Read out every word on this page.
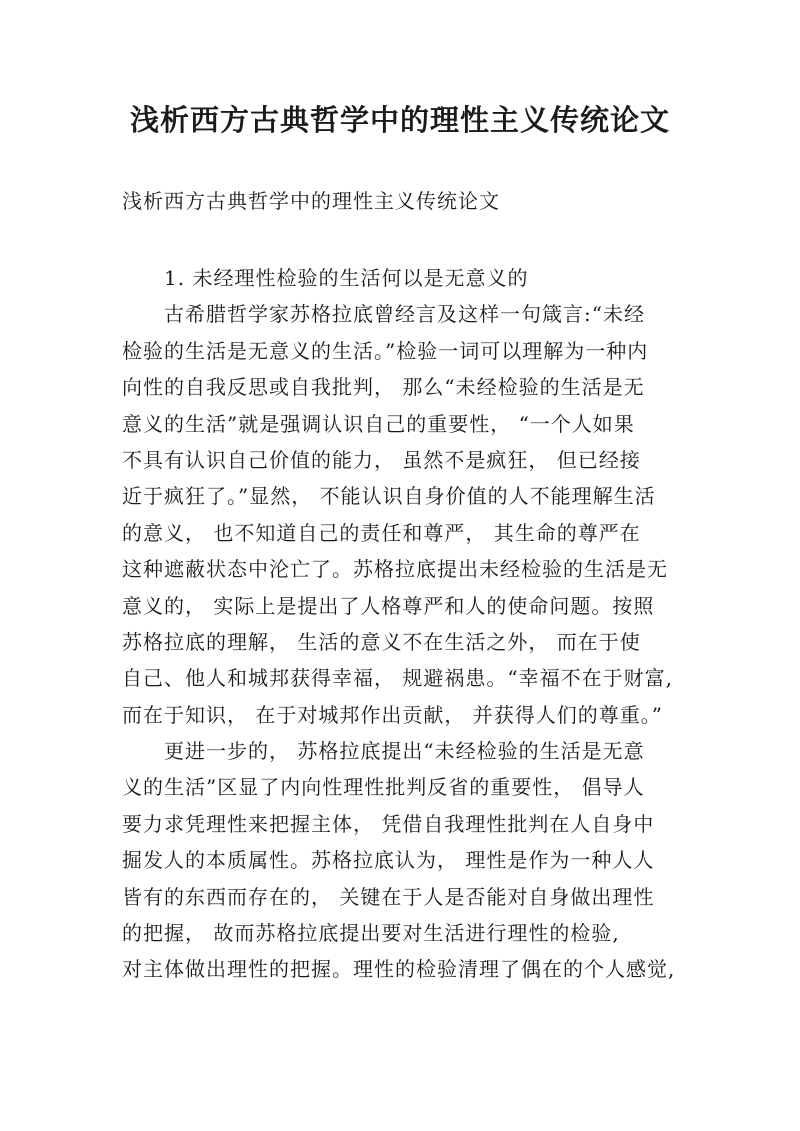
浅析西方古典哲学中的理性主义传统论文

浅析西方古典哲学中的理性主义传统论文

1. 未经理性检验的生活何以是无意义的
古希腊哲学家苏格拉底曾经言及这样一句箴言:“未经
检验的生活是无意义的生活。”检验一词可以理解为一种内
向性的自我反思或自我批判， 那么“未经检验的生活是无
意义的生活”就是强调认识自己的重要性， “一个人如果
不具有认识自己价值的能力， 虽然不是疯狂， 但已经接
近于疯狂了。”显然， 不能认识自身价值的人不能理解生活
的意义， 也不知道自己的责任和尊严， 其生命的尊严在
这种遮蔽状态中沦亡了。苏格拉底提出未经检验的生活是无
意义的， 实际上是提出了人格尊严和人的使命问题。按照
苏格拉底的理解， 生活的意义不在生活之外， 而在于使
自己、他人和城邦获得幸福， 规避祸患。“幸福不在于财富,
而在于知识， 在于对城邦作出贡献， 并获得人们的尊重。”
更进一步的， 苏格拉底提出“未经检验的生活是无意
义的生活”区显了内向性理性批判反省的重要性， 倡导人
要力求凭理性来把握主体， 凭借自我理性批判在人自身中
掘发人的本质属性。苏格拉底认为， 理性是作为一种人人
皆有的东西而存在的， 关键在于人是否能对自身做出理性
的把握， 故而苏格拉底提出要对生活进行理性的检验,
对主体做出理性的把握。理性的检验清理了偶在的个人感觉,
